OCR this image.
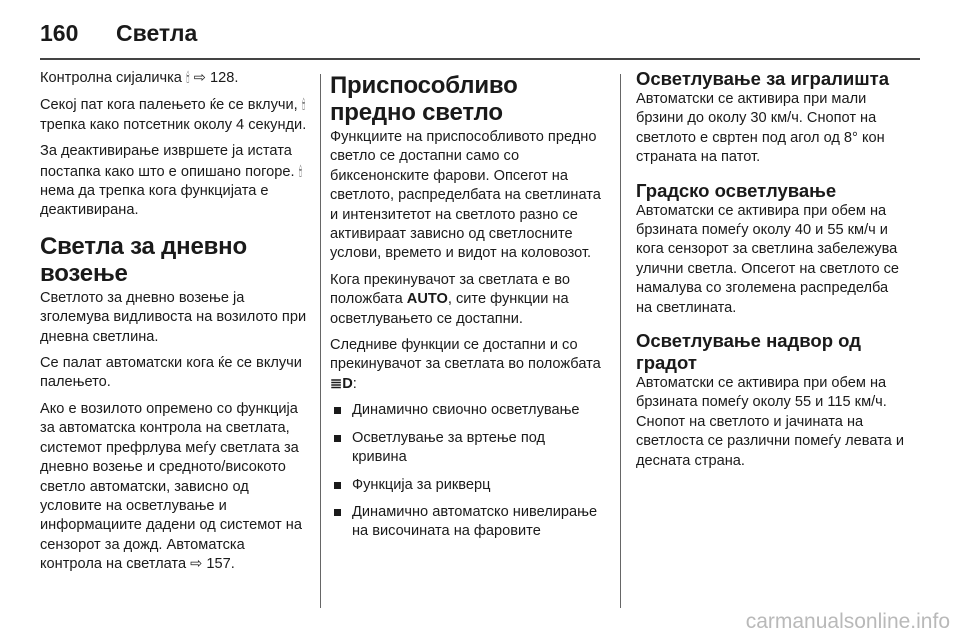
160 Светла

Контролна сијаличка 🕯 ⇨ 128.

Секој пат кога палењето ќе се вклучи, 🕯 трепка како потсетник околу 4 секунди.

За деактивирање извршете ја истата постапка како што е опишано погоре. 🕯 нема да трепка кога функцијата е деактивирана.

Светла за дневно возење

Светлото за дневно возење ја зголемува видливоста на возилото при дневна светлина.

Се палат автоматски кога ќе се вклучи палењето.

Ако е возилото опремено со функција за автоматска контрола на светлата, системот префрлува меѓу светлата за дневно возење и средното/високото светло автоматски, зависно од условите на осветлување и информациите дадени од системот на сензорот за дожд. Автоматска контрола на светлата ⇨ 157.

Приспособливо предно светло

Функциите на приспособливото предно светло се достапни само со биксенонските фарови. Опсегот на светлото, распределбата на светлината и интензитетот на светлото разно се активираат зависно од светлосните услови, времето и видот на коловозот.

Кога прекинувачот за светлата е во положбата AUTO, сите функции на осветлувањето се достапни.

Следниве функции се достапни и со прекинувачот за светлата во положбата ≣D:

Динамично свиочно осветлување
Осветлување за вртење под кривина
Функција за рикверц
Динамично автоматско нивелирање на височината на фаровите
Осветлување за игралишта

Автоматски се активира при мали брзини до околу 30 км/ч. Снопот на светлото е свртен под агол од 8° кон страната на патот.

Градско осветлување

Автоматски се активира при обем на брзината помеѓу околу 40 и 55 км/ч и кога сензорот за светлина забележува улични светла. Опсегот на светлото се намалува со зголемена распределба на светлината.

Осветлување надвор од градот

Автоматски се активира при обем на брзината помеѓу околу 55 и 115 км/ч. Снопот на светлото и јачината на светлоста се различни помеѓу левата и десната страна.

carmanualsonline.info
